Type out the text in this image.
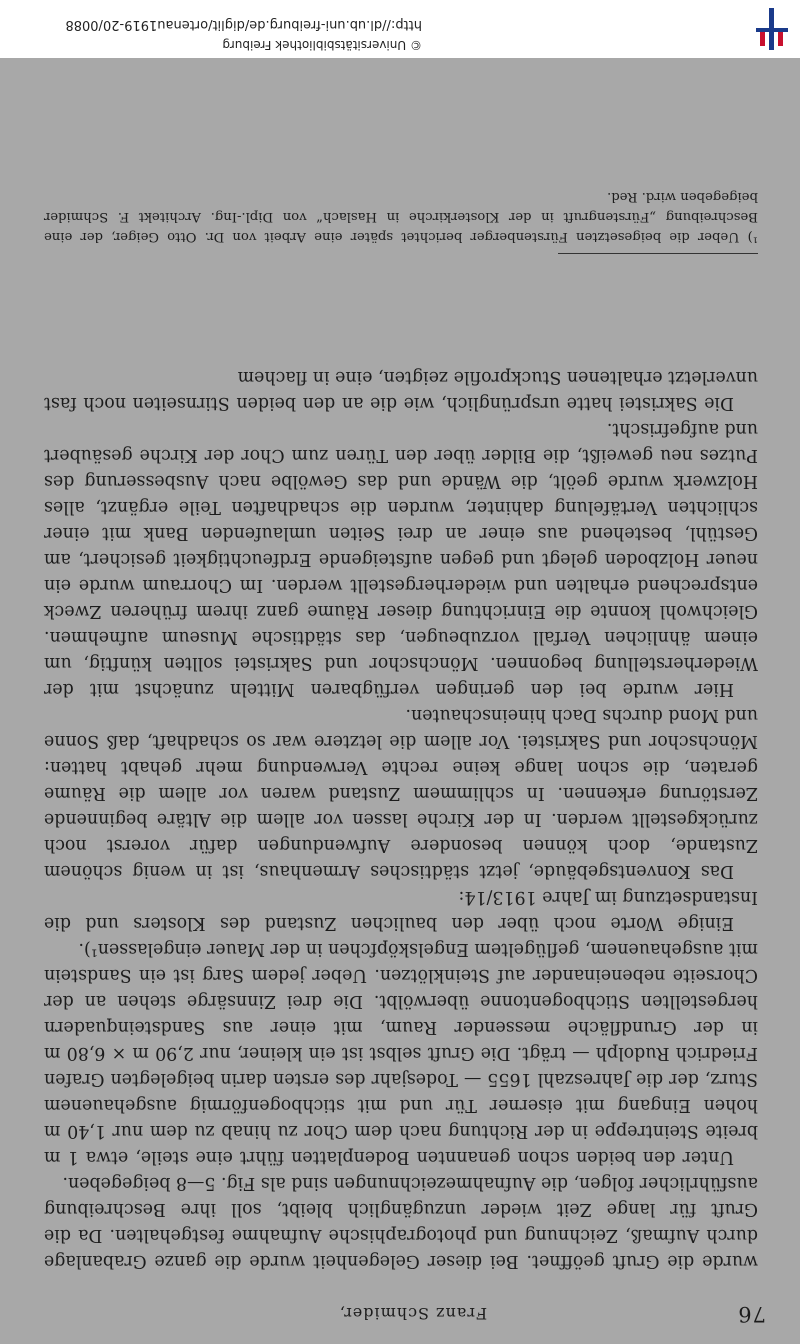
76
Franz Schmider,

wurde die Gruft geöffnet. Bei dieser Gelegenheit wurde die ganze Grabanlage durch Aufmaß, Zeichnung und photographische Aufnahme festgehalten. Da die Gruft für lange Zeit wieder unzugänglich bleibt, soll ihre Beschreibung ausführlicher folgen, die Aufnahmezeichnungen sind als Fig. 5—8 beigegeben.

Unter den beiden schon genannten Bodenplatten führt eine steile, etwa 1 m breite Steintreppe in der Richtung nach dem Chor zu hinab zu dem nur 1,40 m hohen Eingang mit eiserner Tür und mit stichbogenförmig ausgehauenem Sturz, der die Jahreszahl 1655 — Todesjahr des ersten darin beigelegten Grafen Friedrich Rudolph — trägt. Die Gruft selbst ist ein kleiner, nur 2,90 m × 6,80 m in der Grundfläche messender Raum, mit einer aus Sandsteinquadern hergestellten Stichbogentonne überwölbt. Die drei Zinnsärge stehen an der Chorseite nebeneinander auf Steinklötzen. Ueber jedem Sarg ist ein Sandstein mit ausgehauenem, geflügeltem Engelsköpfchen in der Mauer eingelassen¹).

Einige Worte noch über den baulichen Zustand des Klosters und die Instandsetzung im Jahre 1913/14:

Das Konventsgebäude, jetzt städtisches Armenhaus, ist in wenig schönem Zustande, doch können besondere Aufwendungen dafür vorerst noch zurückgestellt werden. In der Kirche lassen vor allem die Altäre beginnende Zerstörung erkennen. In schlimmem Zustand waren vor allem die Räume geraten, die schon lange keine rechte Verwendung mehr gehabt hatten: Mönchschor und Sakristei. Vor allem die letztere war so schadhaft, daß Sonne und Mond durchs Dach hineinschauten.

Hier wurde bei den geringen verfügbaren Mitteln zunächst mit der Wiederherstellung begonnen. Mönchschor und Sakristei sollten künftig, um einem ähnlichen Verfall vorzubeugen, das städtische Museum aufnehmen. Gleichwohl konnte die Einrichtung dieser Räume ganz ihrem früheren Zweck entsprechend erhalten und wiederhergestellt werden. Im Chorraum wurde ein neuer Holzboden gelegt und gegen aufsteigende Erdfeuchtigkeit gesichert, am Gestühl, bestehend aus einer an drei Seiten umlaufenden Bank mit einer schlichten Vertäfelung dahinter, wurden die schadhaften Teile ergänzt, alles Holzwerk wurde geölt, die Wände und das Gewölbe nach Ausbesserung des Putzes neu geweißt, die Bilder über den Türen zum Chor der Kirche gesäubert und aufgefrischt.

Die Sakristei hatte ursprünglich, wie die an den beiden Stirnseiten noch fast unverletzt erhaltenen Stuckprofile zeigten, eine in flachem

¹) Ueber die beigesetzten Fürstenberger berichtet später eine Arbeit von Dr. Otto Geiger, der eine Beschreibung „Fürstengruft in der Klosterkirche in Haslach“ von Dipl.-Ing. Architekt F. Schmider beigegeben wird. Red.
© Universitätsbibliothek Freiburg
http://dl.ub.uni-freiburg.de/diglit/ortenau1919-20/0088
